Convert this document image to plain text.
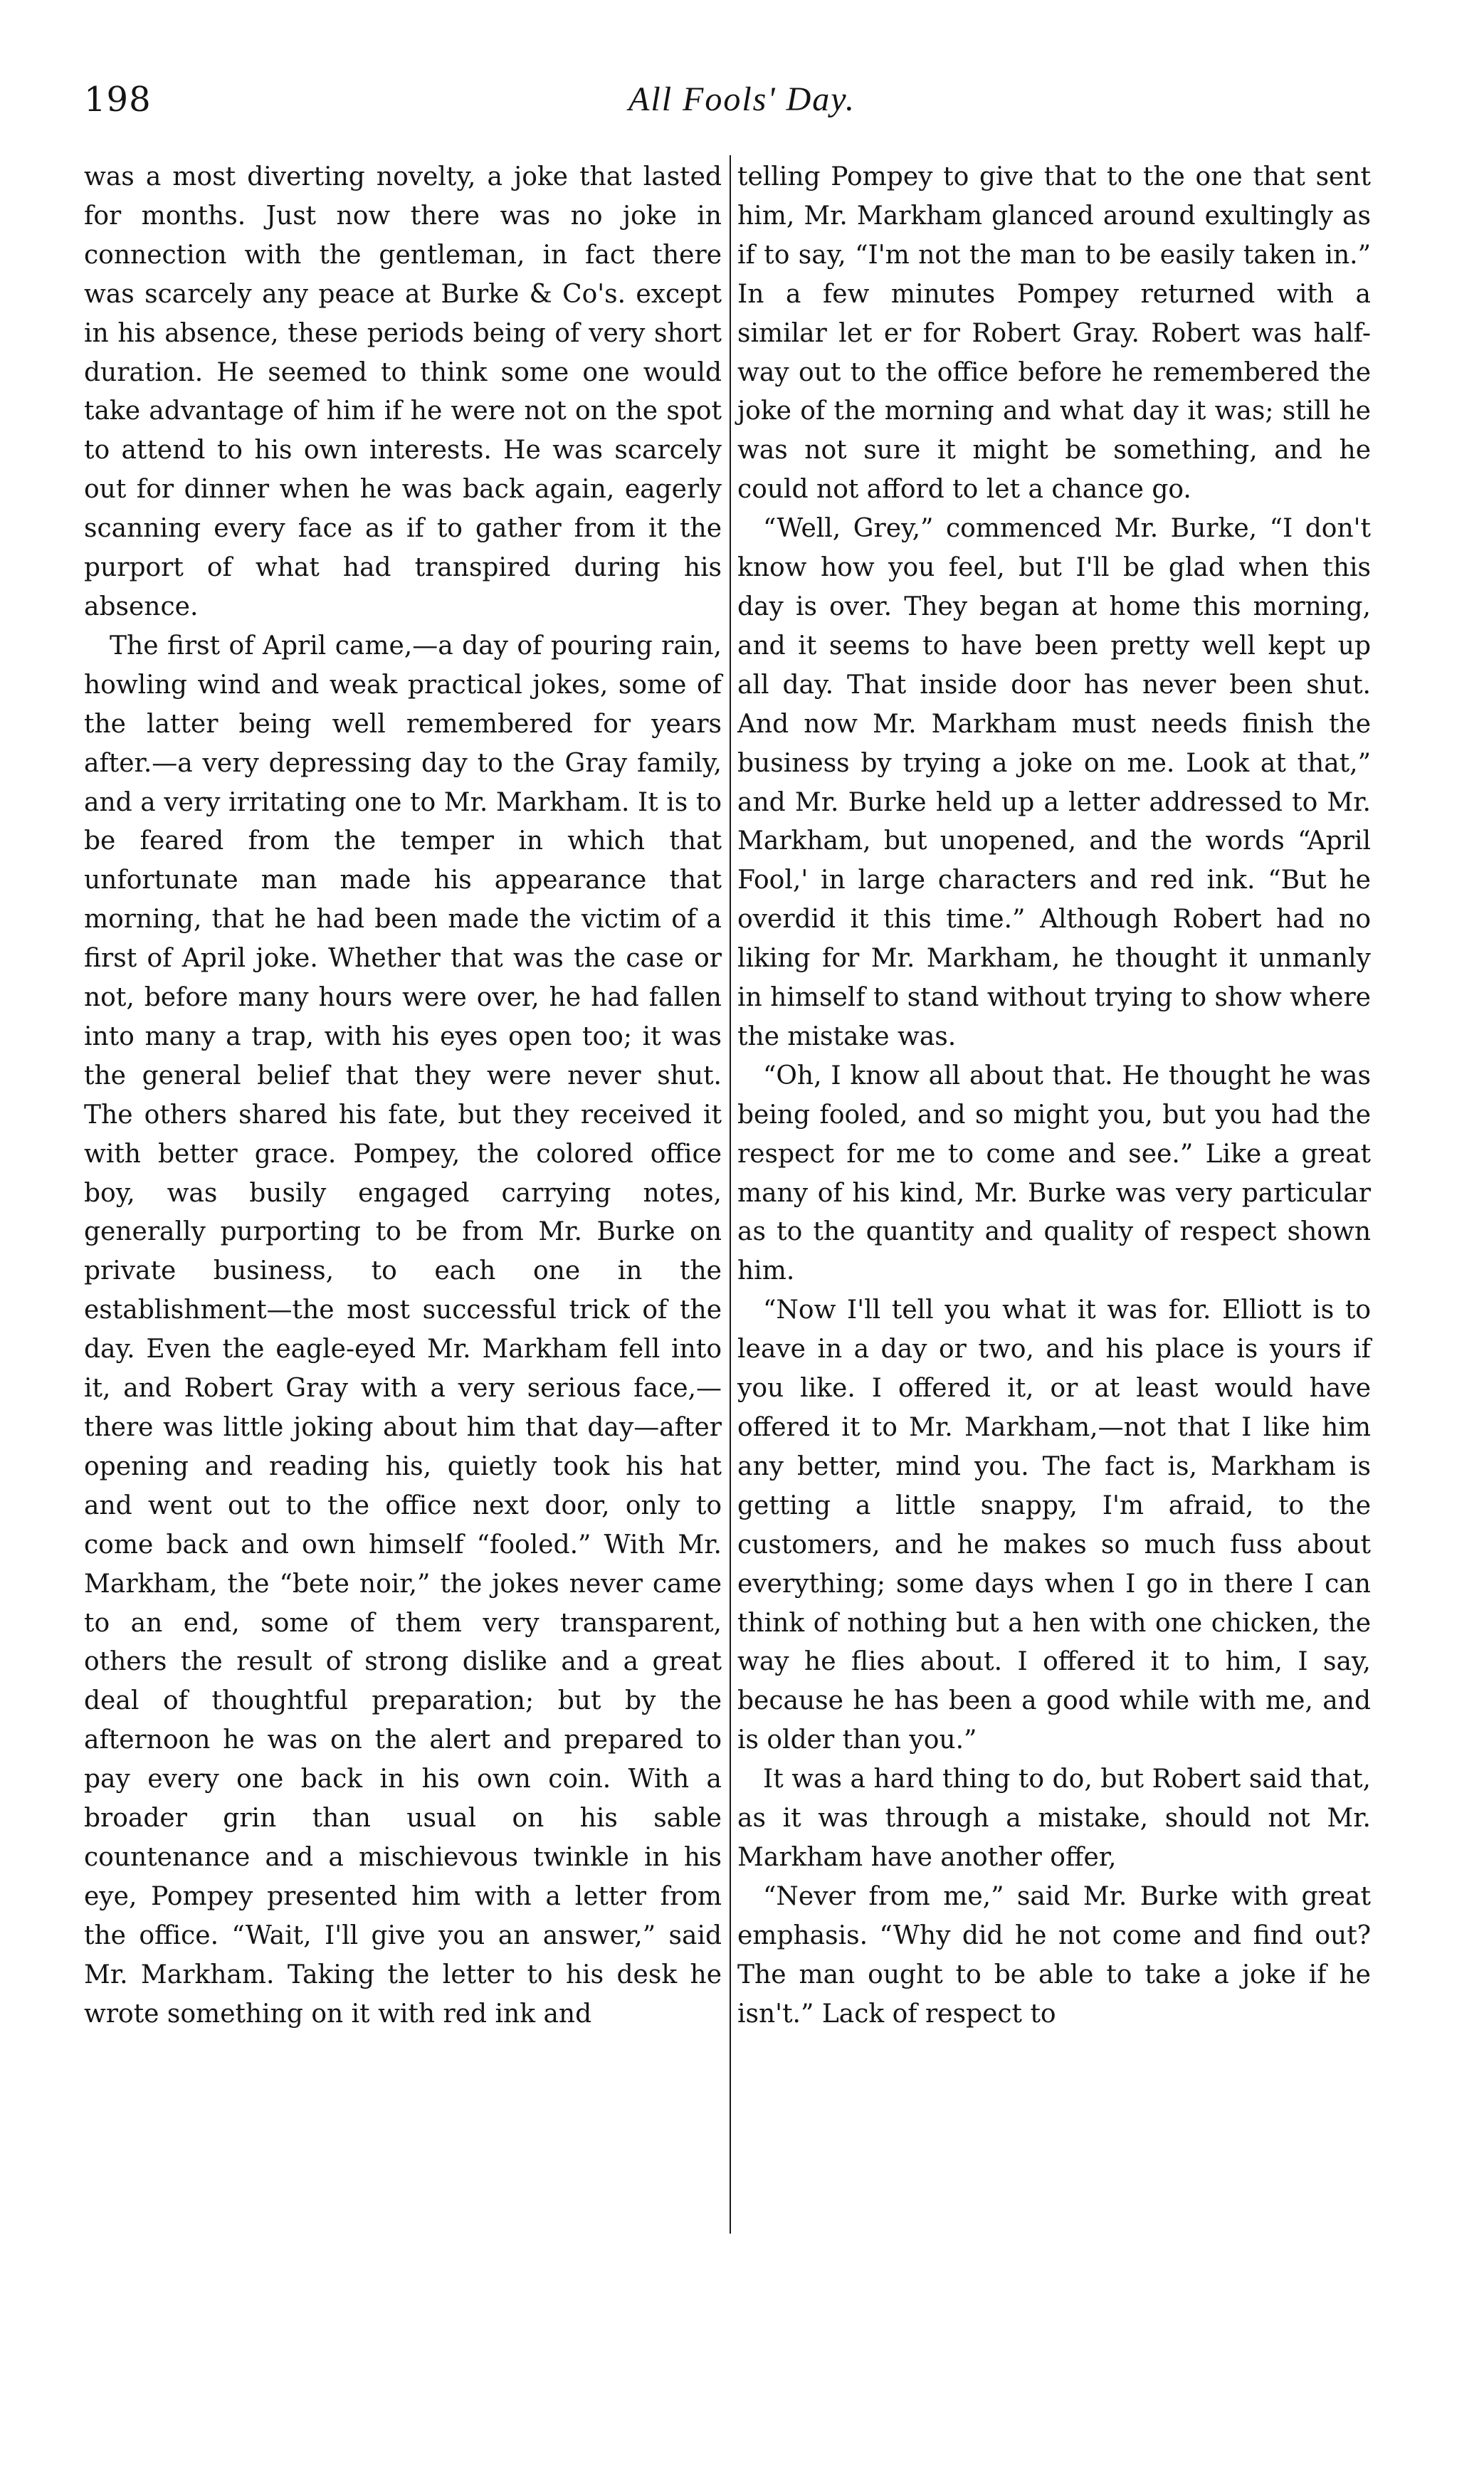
198	All Fools' Day.

was a most diverting novelty, a joke that lasted for months. Just now there was no joke in connection with the gentleman, in fact there was scarcely any peace at Burke & Co's. except in his absence, these periods being of very short duration. He seemed to think some one would take advantage of him if he were not on the spot to attend to his own interests. He was scarcely out for dinner when he was back again, eagerly scanning every face as if to gather from it the purport of what had transpired during his absence.

The first of April came,—a day of pouring rain, howling wind and weak practical jokes, some of the latter being well remembered for years after.—a very depressing day to the Gray family, and a very irritating one to Mr. Markham. It is to be feared from the temper in which that unfortunate man made his appearance that morning, that he had been made the victim of a first of April joke. Whether that was the case or not, before many hours were over, he had fallen into many a trap, with his eyes open too; it was the general belief that they were never shut. The others shared his fate, but they received it with better grace. Pompey, the colored office boy, was busily engaged carrying notes, generally purporting to be from Mr. Burke on private business, to each one in the establishment—the most successful trick of the day. Even the eagle-eyed Mr. Markham fell into it, and Robert Gray with a very serious face,—there was little joking about him that day—after opening and reading his, quietly took his hat and went out to the office next door, only to come back and own himself “fooled.” With Mr. Markham, the “bete noir,” the jokes never came to an end, some of them very transparent, others the result of strong dislike and a great deal of thoughtful preparation; but by the afternoon he was on the alert and prepared to pay every one back in his own coin. With a broader grin than usual on his sable countenance and a mischievous twinkle in his eye, Pompey presented him with a letter from the office. “Wait, I'll give you an answer,” said Mr. Markham. Taking the letter to his desk he wrote something on it with red ink and

telling Pompey to give that to the one that sent him, Mr. Markham glanced around exultingly as if to say, “I'm not the man to be easily taken in.” In a few minutes Pompey returned with a similar let er for Robert Gray. Robert was half-way out to the office before he remembered the joke of the morning and what day it was; still he was not sure it might be something, and he could not afford to let a chance go.

“Well, Grey,” commenced Mr. Burke, “I don't know how you feel, but I'll be glad when this day is over. They began at home this morning, and it seems to have been pretty well kept up all day. That inside door has never been shut. And now Mr. Markham must needs finish the business by trying a joke on me. Look at that,” and Mr. Burke held up a letter addressed to Mr. Markham, but unopened, and the words “April Fool,' in large characters and red ink. “But he overdid it this time.” Although Robert had no liking for Mr. Markham, he thought it unmanly in himself to stand without trying to show where the mistake was.

“Oh, I know all about that. He thought he was being fooled, and so might you, but you had the respect for me to come and see.” Like a great many of his kind, Mr. Burke was very particular as to the quantity and quality of respect shown him.

“Now I'll tell you what it was for. Elliott is to leave in a day or two, and his place is yours if you like. I offered it, or at least would have offered it to Mr. Markham,—not that I like him any better, mind you. The fact is, Markham is getting a little snappy, I'm afraid, to the customers, and he makes so much fuss about everything; some days when I go in there I can think of nothing but a hen with one chicken, the way he flies about. I offered it to him, I say, because he has been a good while with me, and is older than you.”

It was a hard thing to do, but Robert said that, as it was through a mistake, should not Mr. Markham have another offer,

“Never from me,” said Mr. Burke with great emphasis. “Why did he not come and find out? The man ought to be able to take a joke if he isn't.” Lack of respect to
